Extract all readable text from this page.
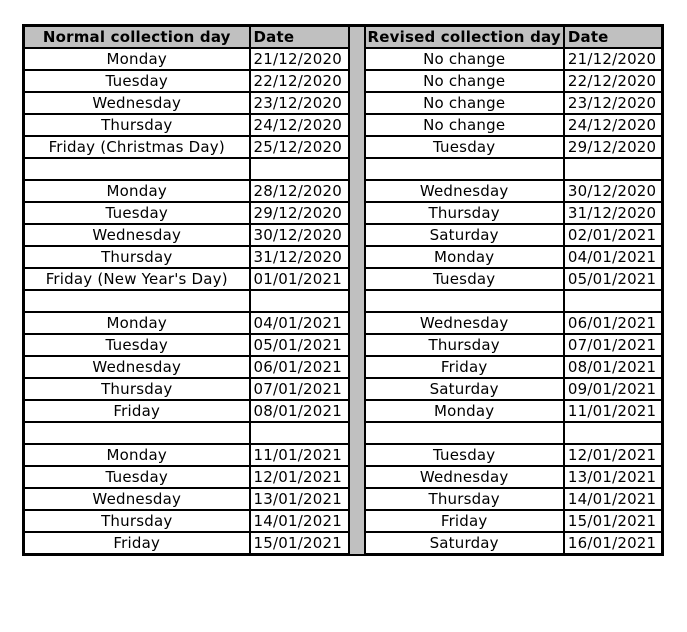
Normal collection day	Date		Revised collection day	Date
Monday	21/12/2020		No change	21/12/2020
Tuesday	22/12/2020		No change	22/12/2020
Wednesday	23/12/2020		No change	23/12/2020
Thursday	24/12/2020		No change	24/12/2020
Friday (Christmas Day)	25/12/2020		Tuesday	29/12/2020

Monday	28/12/2020		Wednesday	30/12/2020
Tuesday	29/12/2020		Thursday	31/12/2020
Wednesday	30/12/2020		Saturday	02/01/2021
Thursday	31/12/2020		Monday	04/01/2021
Friday (New Year's Day)	01/01/2021		Tuesday	05/01/2021

Monday	04/01/2021		Wednesday	06/01/2021
Tuesday	05/01/2021		Thursday	07/01/2021
Wednesday	06/01/2021		Friday	08/01/2021
Thursday	07/01/2021		Saturday	09/01/2021
Friday	08/01/2021		Monday	11/01/2021

Monday	11/01/2021		Tuesday	12/01/2021
Tuesday	12/01/2021		Wednesday	13/01/2021
Wednesday	13/01/2021		Thursday	14/01/2021
Thursday	14/01/2021		Friday	15/01/2021
Friday	15/01/2021		Saturday	16/01/2021
